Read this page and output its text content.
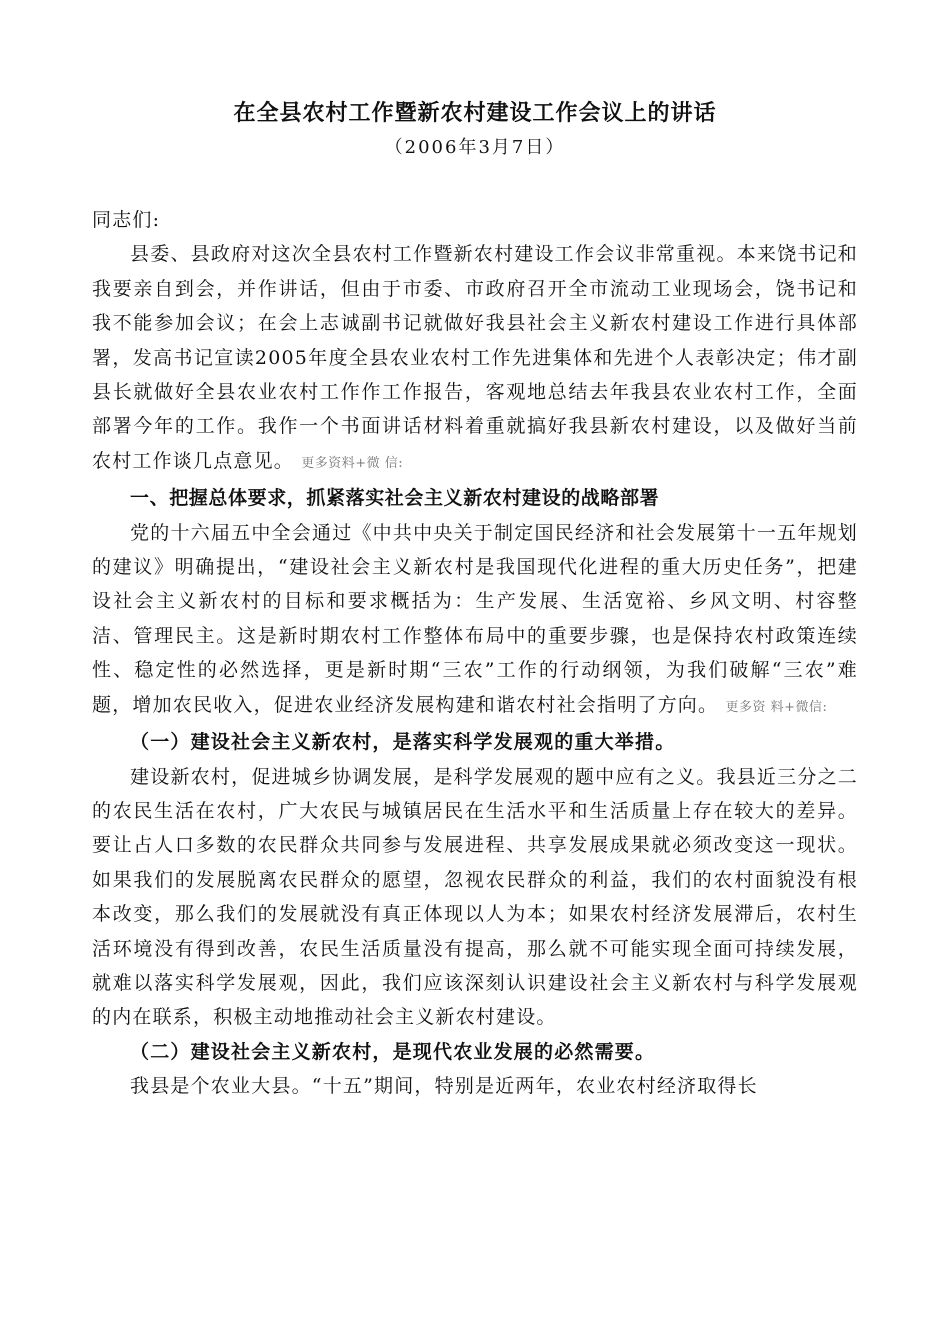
在全县农村工作暨新农村建设工作会议上的讲话
（2006年3月7日）

同志们:

县委、县政府对这次全县农村工作暨新农村建设工作会议非常重视。本来饶书记和我要亲自到会，并作讲话，但由于市委、市政府召开全市流动工业现场会，饶书记和我不能参加会议；在会上志诚副书记就做好我县社会主义新农村建设工作进行具体部署，发高书记宣读2005年度全县农业农村工作先进集体和先进个人表彰决定；伟才副县长就做好全县农业农村工作作工作报告，客观地总结去年我县农业农村工作，全面部署今年的工作。我作一个书面讲话材料着重就搞好我县新农村建设，以及做好当前农村工作谈几点意见。 更多资料+微 信:

一、把握总体要求，抓紧落实社会主义新农村建设的战略部署

党的十六届五中全会通过《中共中央关于制定国民经济和社会发展第十一五年规划的建议》明确提出，“建设社会主义新农村是我国现代化进程的重大历史任务”，把建设社会主义新农村的目标和要求概括为：生产发展、生活宽裕、乡风文明、村容整洁、管理民主。这是新时期农村工作整体布局中的重要步骤，也是保持农村政策连续性、稳定性的必然选择，更是新时期“三农”工作的行动纲领，为我们破解“三农”难题，增加农民收入，促进农业经济发展构建和谐农村社会指明了方向。 更多资 料+微信:

（一）建设社会主义新农村，是落实科学发展观的重大举措。

建设新农村，促进城乡协调发展，是科学发展观的题中应有之义。我县近三分之二的农民生活在农村，广大农民与城镇居民在生活水平和生活质量上存在较大的差异。要让占人口多数的农民群众共同参与发展进程、共享发展成果就必须改变这一现状。如果我们的发展脱离农民群众的愿望，忽视农民群众的利益，我们的农村面貌没有根本改变，那么我们的发展就没有真正体现以人为本；如果农村经济发展滞后，农村生活环境没有得到改善，农民生活质量没有提高，那么就不可能实现全面可持续发展，就难以落实科学发展观，因此，我们应该深刻认识建设社会主义新农村与科学发展观的内在联系，积极主动地推动社会主义新农村建设。

（二）建设社会主义新农村，是现代农业发展的必然需要。

我县是个农业大县。“十五”期间，特别是近两年，农业农村经济取得长
